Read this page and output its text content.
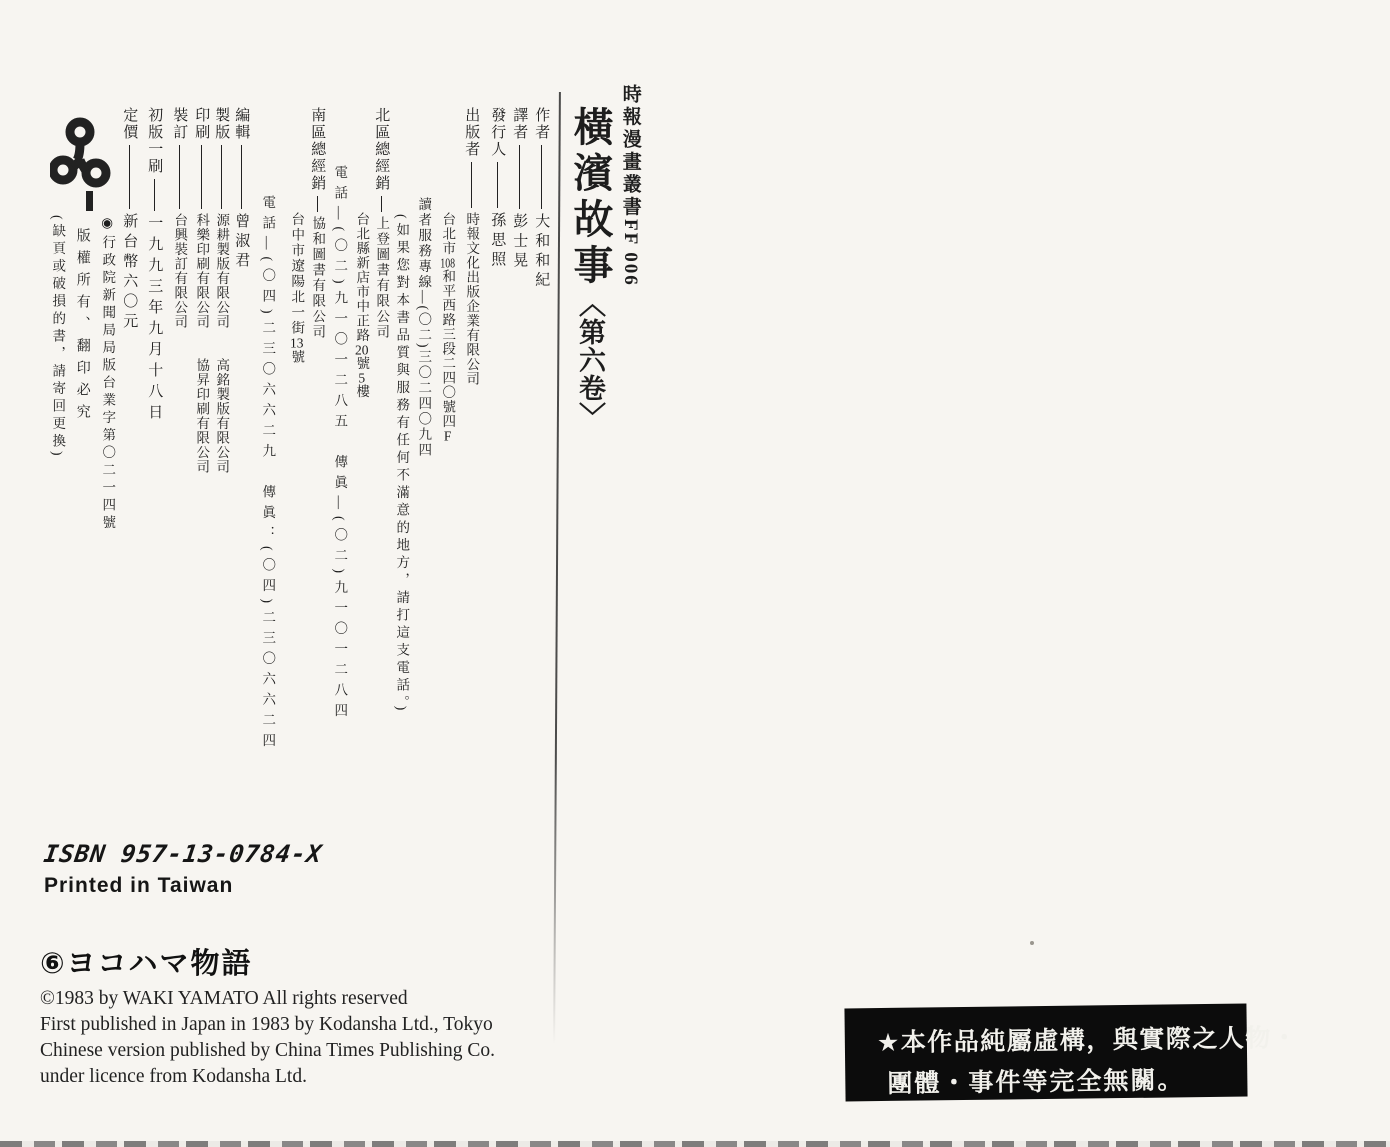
時報漫畫叢書FF 006
橫濱故事〈第六卷〉
作者大和和紀
譯者彭士晃
發行人孫思照
出版者時報文化出版企業有限公司
台北市108和平西路三段二四〇號四F
讀者服務專線—(〇二)三〇二四〇九四
(如果您對本書品質與服務有任何不滿意的地方，請打這支電話。)
北區總經銷上登圖書有限公司
台北縣新店市中正路20號5樓
電話—(〇二)九一〇一二八五　傳眞—(〇二)九一〇一二八四
南區總經銷協和圖書有限公司
台中市遼陽北一街13號
電話—(〇四)二三〇六六二九　傳眞：(〇四)二三〇六六二四
編輯曾淑君
製版源耕製版有限公司　　高銘製版有限公司
印刷科樂印刷有限公司　　協昇印刷有限公司
裝訂台興裝訂有限公司
初版一刷一九九三年九月十八日
定價新台幣六〇元
◉行政院新聞局局版台業字第〇二一四號
版權所有、翻印必究
(缺頁或破損的書，請寄回更換)
ISBN 957-13-0784-X
Printed in Taiwan
⑥ヨコハマ物語
©1983 by WAKI YAMATO All rights reserved
First published in Japan in 1983 by Kodansha Ltd., Tokyo
Chinese version published by China Times Publishing Co.
under licence from Kodansha Ltd.
★本作品純屬虛構，與實際之人物・
團體・事件等完全無關。
